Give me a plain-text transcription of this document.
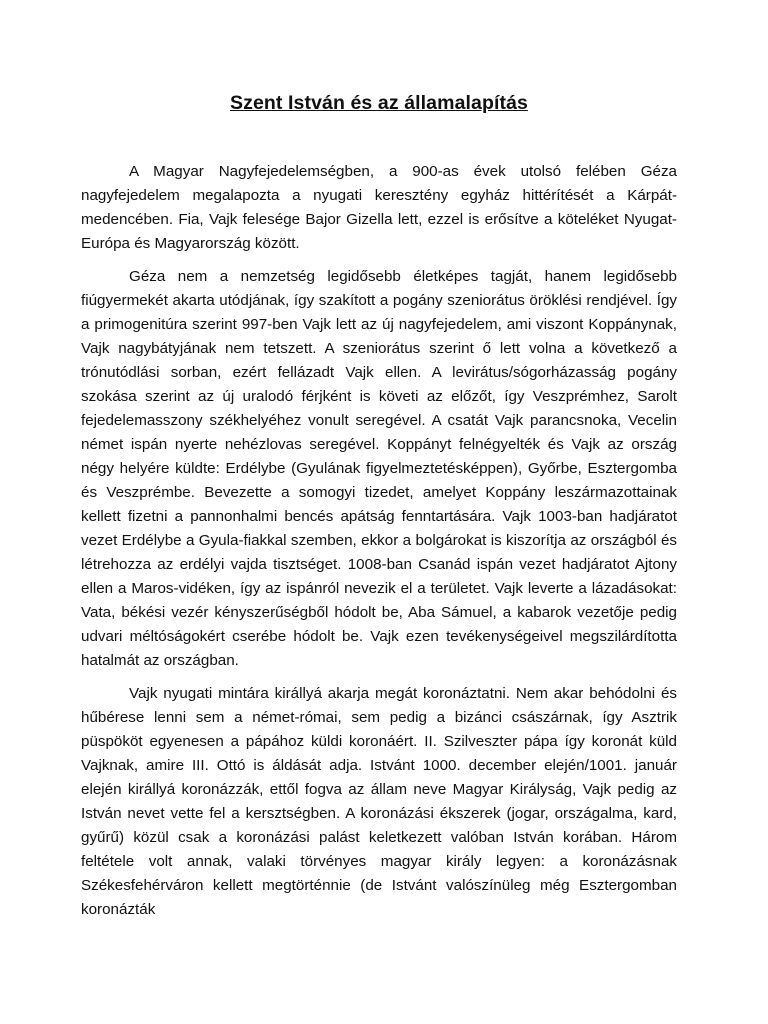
Szent István és az államalapítás

A Magyar Nagyfejedelemségben, a 900-as évek utolsó felében Géza nagyfejedelem megalapozta a nyugati keresztény egyház hittérítését a Kárpát-medencében. Fia, Vajk felesége Bajor Gizella lett, ezzel is erősítve a köteléket Nyugat-Európa és Magyarország között.

Géza nem a nemzetség legidősebb életképes tagját, hanem legidősebb fiúgyermekét akarta utódjának, így szakított a pogány szeniorátus öröklési rendjével. Így a primogenitúra szerint 997-ben Vajk lett az új nagyfejedelem, ami viszont Koppánynak, Vajk nagybátyjának nem tetszett. A szeniorátus szerint ő lett volna a következő a trónutódlási sorban, ezért fellázadt Vajk ellen. A levirátus/sógorházasság pogány szokása szerint az új uralodó férjként is követi az előzőt, így Veszprémhez, Sarolt fejedelemasszony székhelyéhez vonult seregével. A csatát Vajk parancsnoka, Vecelin német ispán nyerte nehézlovas seregével. Koppányt felnégyelték és Vajk az ország négy helyére küldte: Erdélybe (Gyulának figyelmeztetésképpen), Győrbe, Esztergomba és Veszprémbe. Bevezette a somogyi tizedet, amelyet Koppány leszármazottainak kellett fizetni a pannonhalmi bencés apátság fenntartására. Vajk 1003-ban hadjáratot vezet Erdélybe a Gyula-fiakkal szemben, ekkor a bolgárokat is kiszorítja az országból és létrehozza az erdélyi vajda tisztséget. 1008-ban Csanád ispán vezet hadjáratot Ajtony ellen a Maros-vidéken, így az ispánról nevezik el a területet. Vajk leverte a lázadásokat: Vata, békési vezér kényszerűségből hódolt be, Aba Sámuel, a kabarok vezetője pedig udvari méltóságokért cserébe hódolt be. Vajk ezen tevékenységeivel megszilárdította hatalmát az országban.

Vajk nyugati mintára királlyá akarja megát koronáztatni. Nem akar behódolni és hűbérese lenni sem a német-római, sem pedig a bizánci császárnak, így Asztrik püspököt egyenesen a pápához küldi koronáért. II. Szilveszter pápa így koronát küld Vajknak, amire III. Ottó is áldását adja. Istvánt 1000. december elején/1001. január elején királlyá koronázzák, ettől fogva az állam neve Magyar Királyság, Vajk pedig az István nevet vette fel a kersztségben. A koronázási ékszerek (jogar, országalma, kard, gyűrű) közül csak a koronázási palást keletkezett valóban István korában. Három feltétele volt annak, valaki törvényes magyar király legyen: a koronázásnak Székesfehérváron kellett megtörténnie (de Istvánt valószínüleg még Esztergomban koronázták
